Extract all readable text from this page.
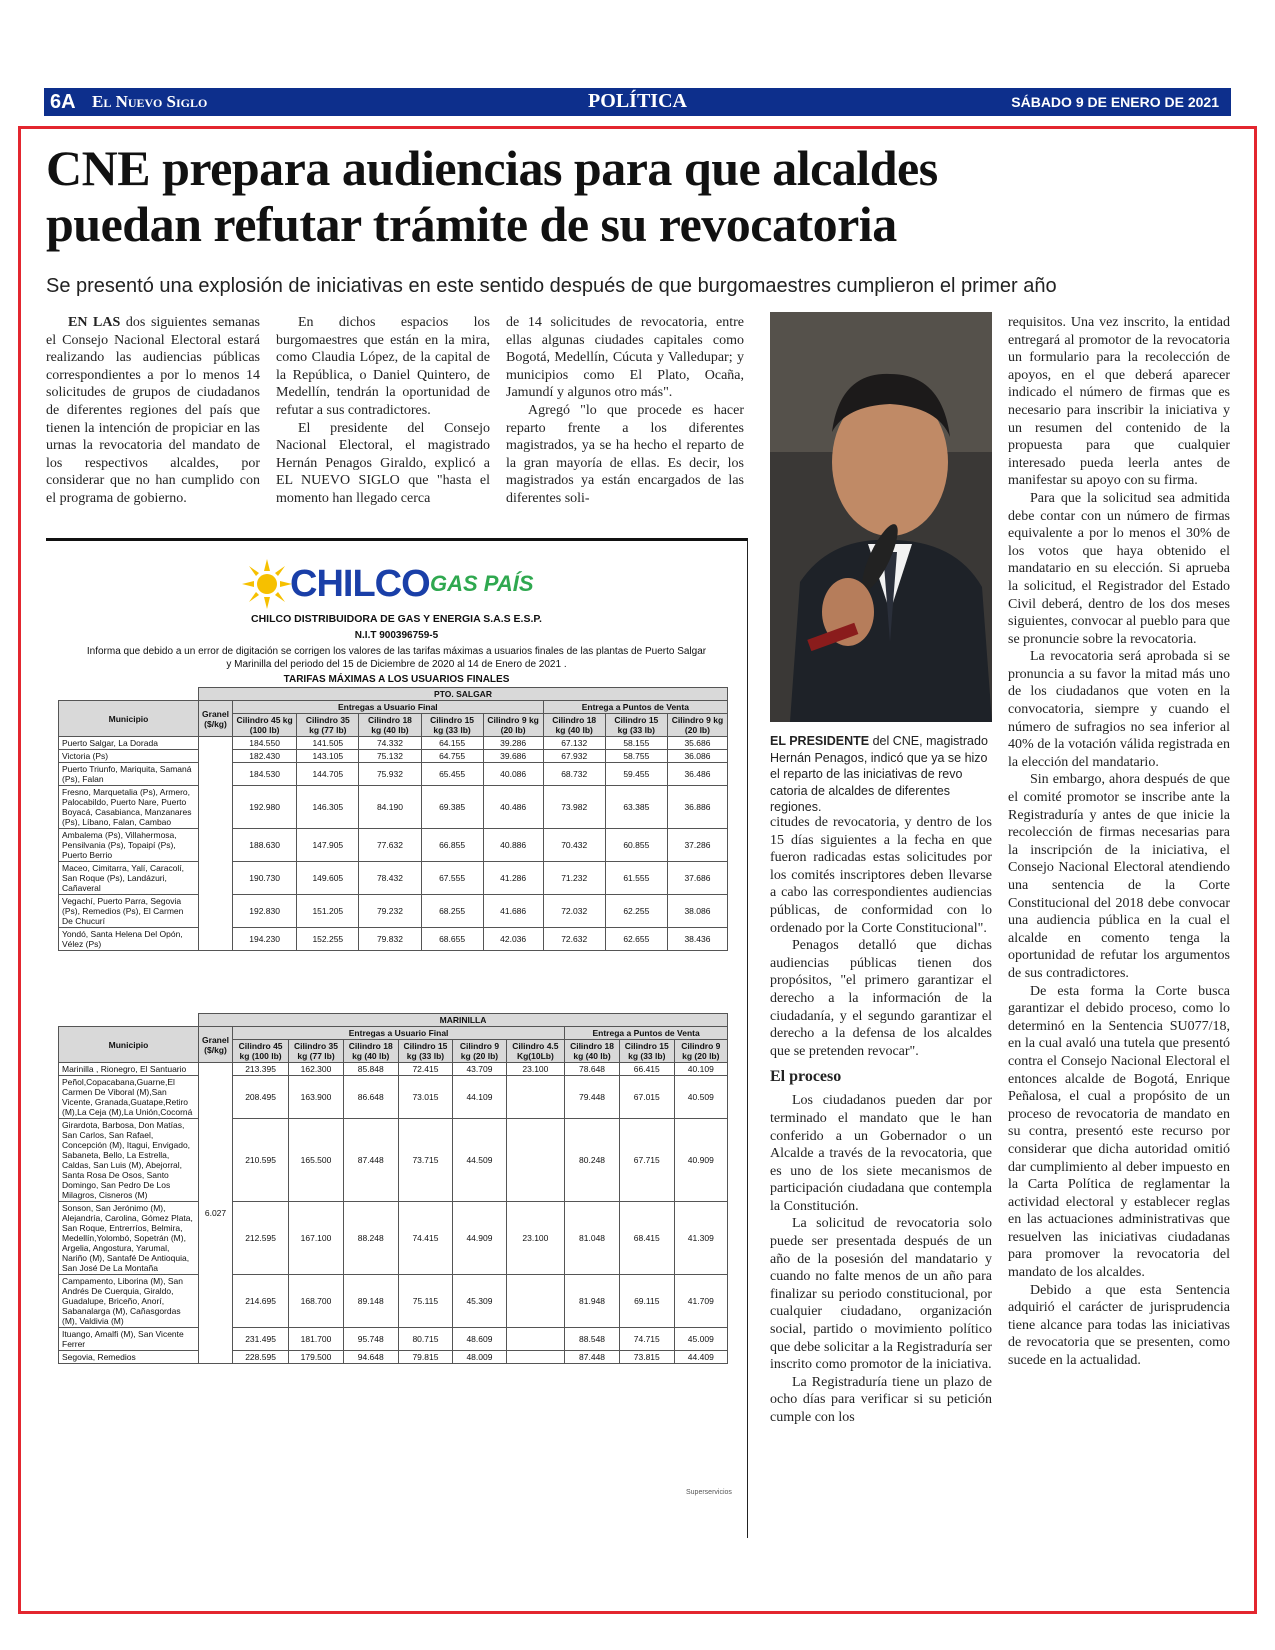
6A El Nuevo Siglo	POLÍTICA	SÁBADO 9 DE ENERO DE 2021
CNE prepara audiencias para que alcaldes
puedan refutar trámite de su revocatoria
Se presentó una explosión de iniciativas en este sentido después de que burgomaestres cumplieron el primer año

EN LAS dos siguientes semanas el Consejo Nacional Electoral estará realizando las audiencias públicas correspondientes a por lo menos 14 solicitudes de grupos de ciudadanos de diferentes regiones del país que tienen la intención de propiciar en las urnas la revocatoria del mandato de los respectivos alcaldes, por considerar que no han cumplido con el programa de gobierno.

En dichos espacios los burgomaestres que están en la mira, como Claudia López, de la capital de la República, o Daniel Quintero, de Medellín, tendrán la oportunidad de refutar a sus contradictores.

El presidente del Consejo Nacional Electoral, el magistrado Hernán Penagos Giraldo, explicó a EL NUEVO SIGLO que "hasta el momento han llegado cerca

de 14 solicitudes de revocatoria, entre ellas algunas ciudades capitales como Bogotá, Medellín, Cúcuta y Valledupar; y municipios como El Plato, Ocaña, Jamundí y algunos otro más".

Agregó "lo que procede es hacer reparto frente a los diferentes magistrados, ya se ha hecho el reparto de la gran mayoría de ellas. Es decir, los magistrados ya están encargados de las diferentes soli-

EL PRESIDENTE del CNE, magistrado Hernán Penagos, indicó que ya se hizo el reparto de las iniciativas de revo catoria de alcaldes de diferentes regiones.

citudes de revocatoria, y dentro de los 15 días siguientes a la fecha en que fueron radicadas estas solicitudes por los comités inscriptores deben llevarse a cabo las correspondientes audiencias públicas, de conformidad con lo ordenado por la Corte Constitucional".

Penagos detalló que dichas audiencias públicas tienen dos propósitos, "el primero garantizar el derecho a la información de la ciudadanía, y el segundo garantizar el derecho a la defensa de los alcaldes que se pretenden revocar".

El proceso

Los ciudadanos pueden dar por terminado el mandato que le han conferido a un Gobernador o un Alcalde a través de la revocatoria, que es uno de los siete mecanismos de participación ciudadana que contempla la Constitución.

La solicitud de revocatoria solo puede ser presentada después de un año de la posesión del mandatario y cuando no falte menos de un año para finalizar su periodo constitucional, por cualquier ciudadano, organización social, partido o movimiento político que debe solicitar a la Registraduría ser inscrito como promotor de la iniciativa.

La Registraduría tiene un plazo de ocho días para verificar si su petición cumple con los

requisitos. Una vez inscrito, la entidad entregará al promotor de la revocatoria un formulario para la recolección de apoyos, en el que deberá aparecer indicado el número de firmas que es necesario para inscribir la iniciativa y un resumen del contenido de la propuesta para que cualquier interesado pueda leerla antes de manifestar su apoyo con su firma.

Para que la solicitud sea admitida debe contar con un número de firmas equivalente a por lo menos el 30% de los votos que haya obtenido el mandatario en su elección. Si aprueba la solicitud, el Registrador del Estado Civil deberá, dentro de los dos meses siguientes, convocar al pueblo para que se pronuncie sobre la revocatoria.

La revocatoria será aprobada si se pronuncia a su favor la mitad más uno de los ciudadanos que voten en la convocatoria, siempre y cuando el número de sufragios no sea inferior al 40% de la votación válida registrada en la elección del mandatario.

Sin embargo, ahora después de que el comité promotor se inscribe ante la Registraduría y antes de que inicie la recolección de firmas necesarias para la inscripción de la iniciativa, el Consejo Nacional Electoral atendiendo una sentencia de la Corte Constitucional del 2018 debe convocar una audiencia pública en la cual el alcalde en comento tenga la oportunidad de refutar los argumentos de sus contradictores.

De esta forma la Corte busca garantizar el debido proceso, como lo determinó en la Sentencia SU077/18, en la cual avaló una tutela que presentó contra el Consejo Nacional Electoral el entonces alcalde de Bogotá, Enrique Peñalosa, el cual a propósito de un proceso de revocatoria de mandato en su contra, presentó este recurso por considerar que dicha autoridad omitió dar cumplimiento al deber impuesto en la Carta Política de reglamentar la actividad electoral y establecer reglas en las actuaciones administrativas que resuelven las iniciativas ciudadanas para promover la revocatoria del mandato de los alcaldes.

Debido a que esta Sentencia adquirió el carácter de jurisprudencia tiene alcance para todas las iniciativas de revocatoria que se presenten, como sucede en la actualidad.

CHILCO GAS PAÍS
CHILCO DISTRIBUIDORA DE GAS Y ENERGIA S.A.S E.S.P.
N.I.T 900396759-5
Informa que debido a un error de digitación se corrigen los valores de las tarifas máximas a usuarios finales de las plantas de Puerto Salgar
y Marinilla del periodo del 15 de Diciembre de 2020 al 14 de Enero de 2021 .
TARIFAS MÁXIMAS A LOS USUARIOS FINALES
	PTO. SALGAR								
Municipio	Granel ($/kg)	Entregas a Usuario Final					Entrega a Puntos de Venta		
		Cilindro 45 kg (100 lb)	Cilindro 35 kg (77 lb)	Cilindro 18 kg (40 lb)	Cilindro 15 kg (33 lb)	Cilindro 9 kg (20 lb)	Cilindro 18 kg (40 lb)	Cilindro 15 kg (33 lb)	Cilindro 9 kg (20 lb)
Puerto Salgar, La Dorada		184.550	141.505	74.332	64.155	39.286	67.132	58.155	35.686
Victoria (Ps)		182.430	143.105	75.132	64.755	39.686	67.932	58.755	36.086
Puerto Triunfo, Mariquita, Samaná (Ps), Falan		184.530	144.705	75.932	65.455	40.086	68.732	59.455	36.486
Fresno, Marquetalia (Ps), Armero, Palocabildo, Puerto Nare, Puerto Boyacá, Casabianca, Manzanares (Ps), Líbano, Falan, Cambao		192.980	146.305	84.190	69.385	40.486	73.982	63.385	36.886
Ambalema (Ps), Villahermosa, Pensilvania (Ps), Topaipí (Ps), Puerto Berrio		188.630	147.905	77.632	66.855	40.886	70.432	60.855	37.286
Maceo, Cimitarra, Yalí, Caracolí, San Roque (Ps), Landázuri, Cañaveral		190.730	149.605	78.432	67.555	41.286	71.232	61.555	37.686
Vegachí, Puerto Parra, Segovia (Ps), Remedios (Ps), El Carmen De Chucurí		192.830	151.205	79.232	68.255	41.686	72.032	62.255	38.086
Yondó, Santa Helena Del Opón, Vélez (Ps)		194.230	152.255	79.832	68.655	42.036	72.632	62.655	38.436
	MARINILLA									
Municipio	Granel ($/kg)	Entregas a Usuario Final						Entrega a Puntos de Venta		
		Cilindro 45 kg (100 lb)	Cilindro 35 kg (77 lb)	Cilindro 18 kg (40 lb)	Cilindro 15 kg (33 lb)	Cilindro 9 kg (20 lb)	Cilindro 4.5 Kg(10Lb)	Cilindro 18 kg (40 lb)	Cilindro 15 kg (33 lb)	Cilindro 9 kg (20 lb)
Marinilla , Rionegro, El Santuario	6.027	213.395	162.300	85.848	72.415	43.709	23.100	78.648	66.415	40.109
Peñol,Copacabana,Guarne,El Carmen De Viboral (M),San Vicente, Granada,Guatape,Retiro (M),La Ceja (M),La Unión,Cocorná		208.495	163.900	86.648	73.015	44.109		79.448	67.015	40.509
Girardota, Barbosa, Don Matías, San Carlos, San Rafael, Concepción (M), Itagui, Envigado, Sabaneta, Bello, La Estrella, Caldas, San Luis (M), Abejorral, Santa Rosa De Osos, Santo Domingo, San Pedro De Los Milagros, Cisneros (M)		210.595	165.500	87.448	73.715	44.509		80.248	67.715	40.909
Sonson, San Jerónimo (M), Alejandría, Carolina, Gómez Plata, San Roque, Entrerríos, Belmira, Medellín,Yolombó, Sopetrán (M), Argelia, Angostura, Yarumal, Nariño (M), Santafé De Antioquia, San José De La Montaña		212.595	167.100	88.248	74.415	44.909	23.100	81.048	68.415	41.309
Campamento, Liborina (M), San Andrés De Cuerquia, Giraldo, Guadalupe, Briceño, Anorí, Sabanalarga (M), Cañasgordas (M), Valdivia (M)		214.695	168.700	89.148	75.115	45.309		81.948	69.115	41.709
Ituango, Amalfi (M), San Vicente Ferrer		231.495	181.700	95.748	80.715	48.609		88.548	74.715	45.009
Segovia, Remedios		228.595	179.500	94.648	79.815	48.009		87.448	73.815	44.409
Superservicios
